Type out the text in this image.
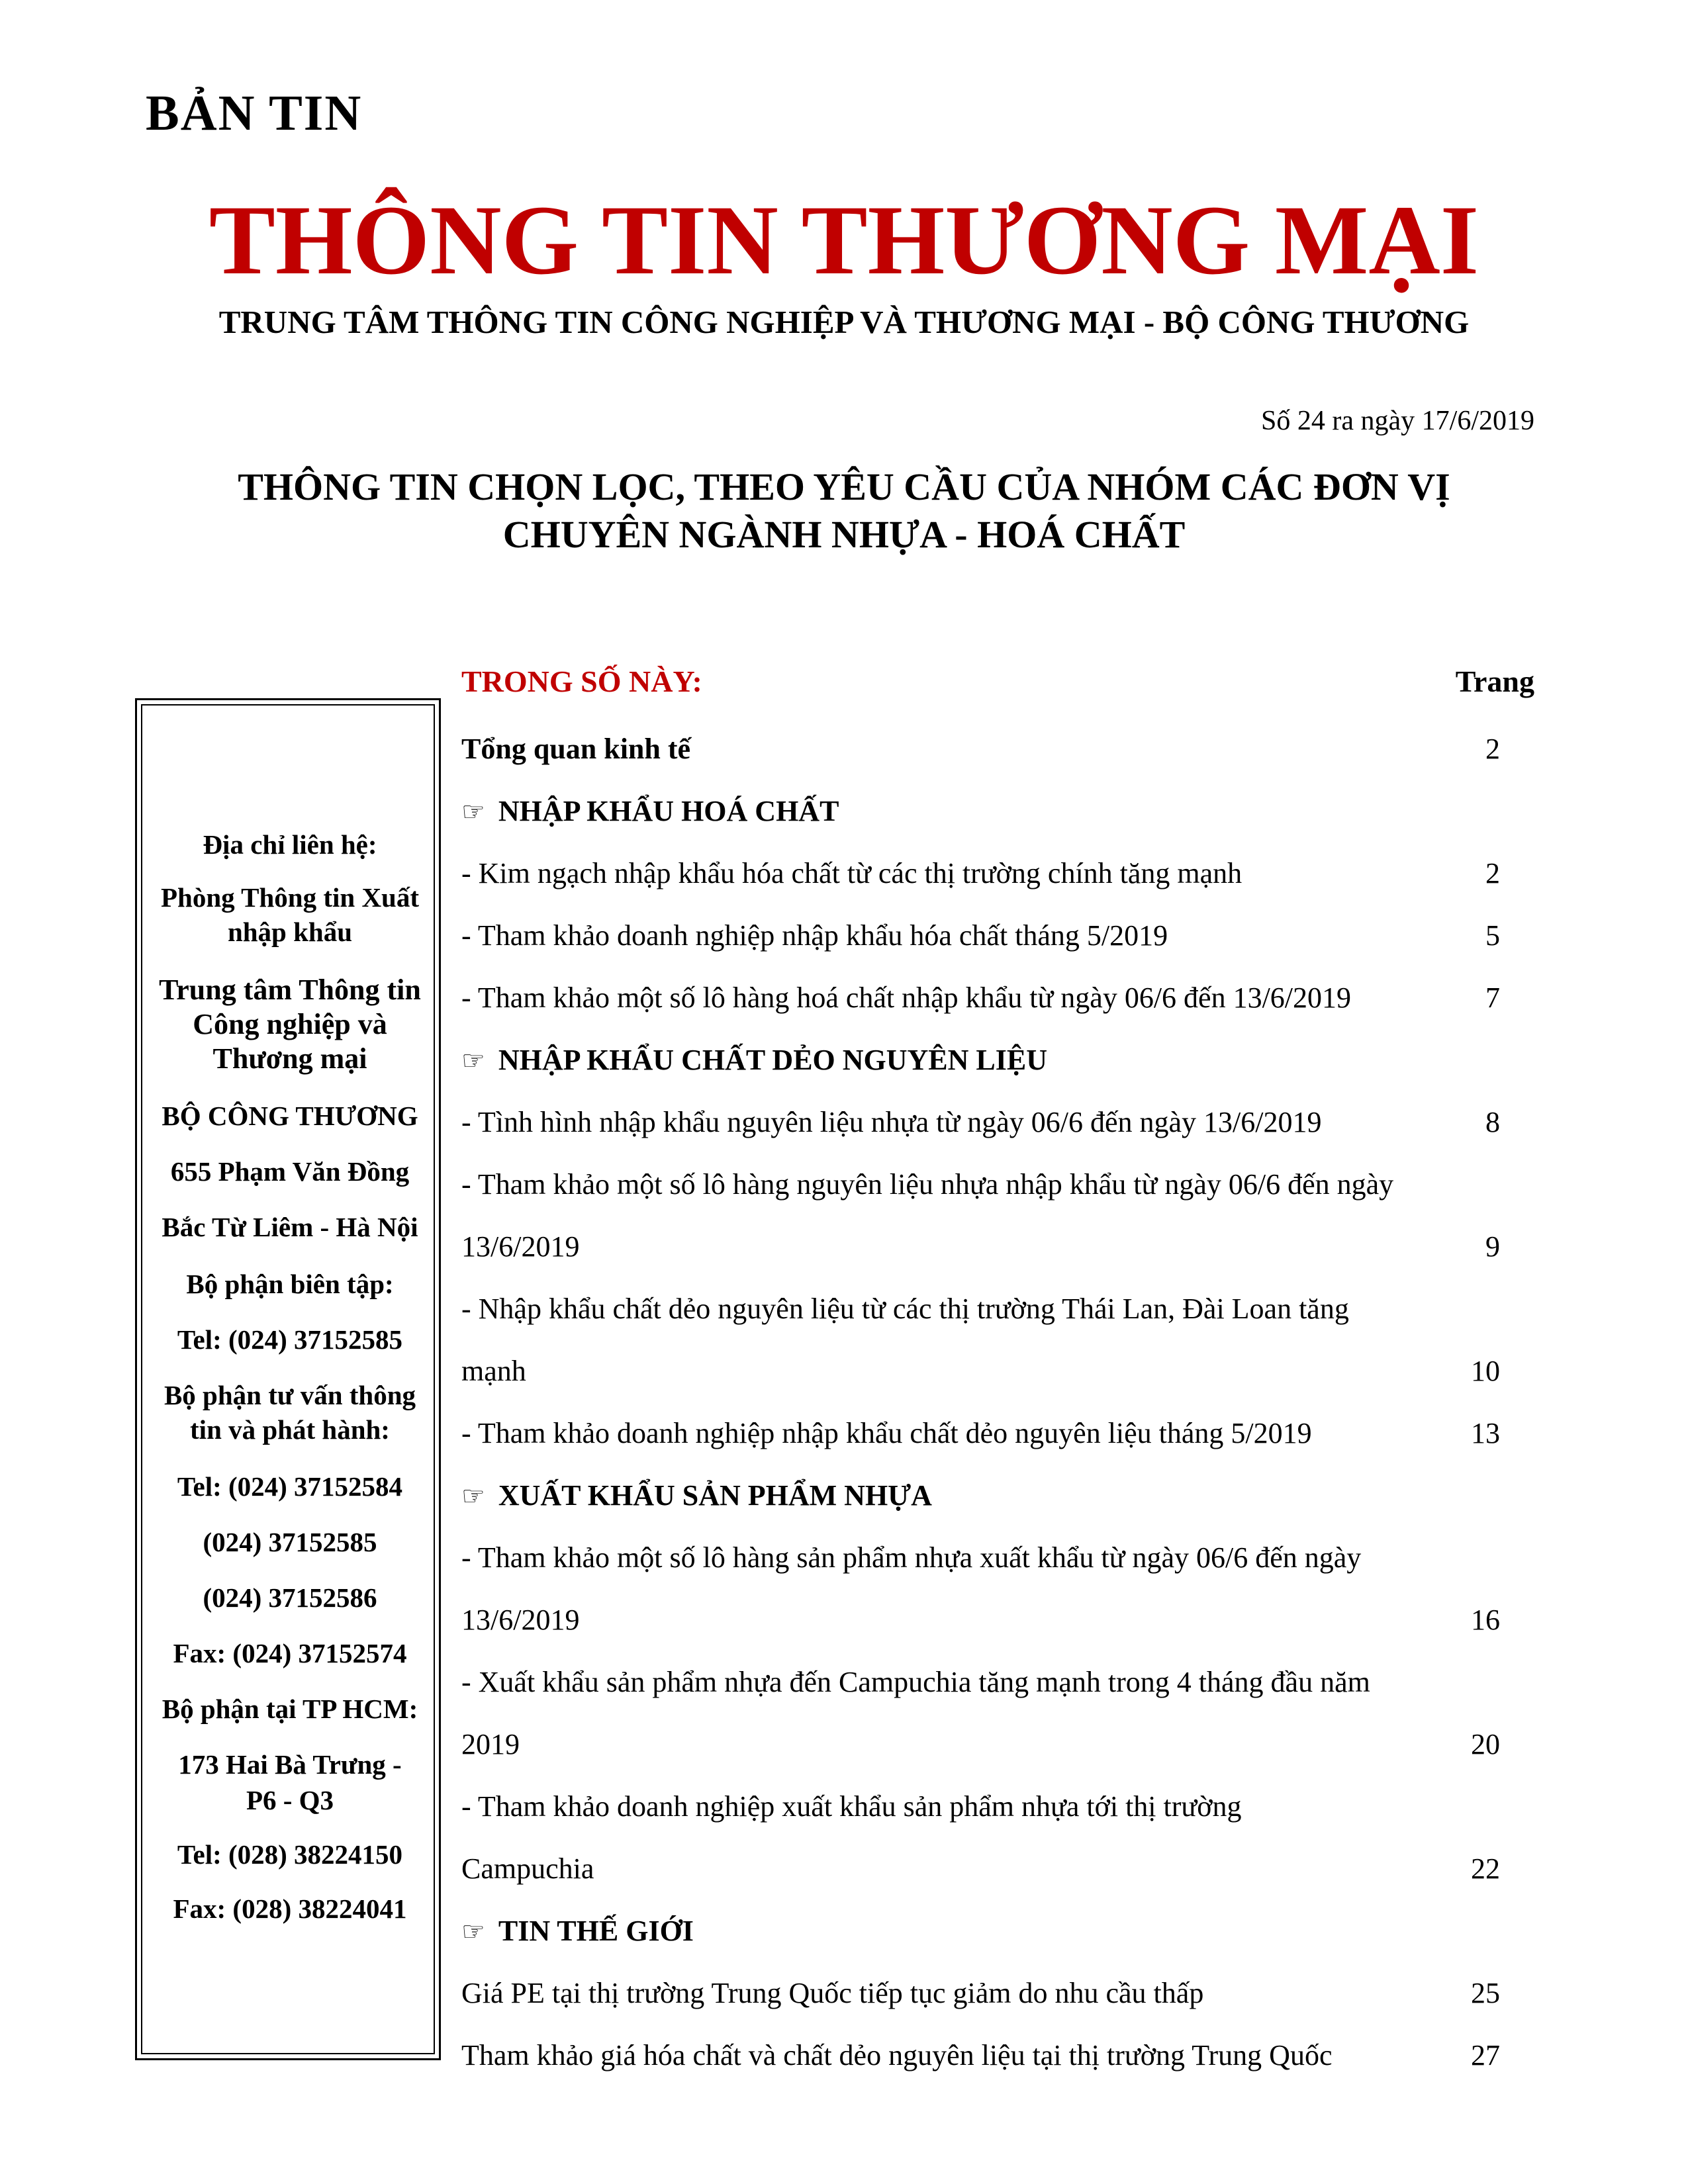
BẢN TIN
THÔNG TIN THƯƠNG MẠI
TRUNG TÂM THÔNG TIN CÔNG NGHIỆP VÀ THƯƠNG MẠI - BỘ CÔNG THƯƠNG
Số 24 ra ngày 17/6/2019
THÔNG TIN CHỌN LỌC, THEO YÊU CẦU CỦA NHÓM CÁC ĐƠN VỊ
CHUYÊN NGÀNH NHỰA - HOÁ CHẤT
Địa chỉ liên hệ:
Phòng Thông tin Xuất
nhập khẩu
Trung tâm Thông tin
Công nghiệp và
Thương mại
BỘ CÔNG THƯƠNG
655 Phạm Văn Đồng
Bắc Từ Liêm - Hà Nội
Bộ phận biên tập:
Tel: (024) 37152585
Bộ phận tư vấn thông
tin và phát hành:
Tel: (024) 37152584
(024) 37152585
(024) 37152586
Fax: (024) 37152574
Bộ phận tại TP HCM:
173 Hai Bà Trưng -
P6 - Q3
Tel: (028) 38224150
Fax: (028) 38224041
TRONG SỐ NÀY:	Trang
Tổng quan kinh tế	2
☞ NHẬP KHẨU HOÁ CHẤT
- Kim ngạch nhập khẩu hóa chất từ các thị trường chính tăng mạnh	2
- Tham khảo doanh nghiệp nhập khẩu hóa chất tháng 5/2019	5
- Tham khảo một số lô hàng hoá chất nhập khẩu từ ngày 06/6 đến 13/6/2019	7
☞ NHẬP KHẨU CHẤT DẺO NGUYÊN LIỆU
- Tình hình nhập khẩu nguyên liệu nhựa từ ngày 06/6 đến ngày 13/6/2019	8
- Tham khảo một số lô hàng nguyên liệu nhựa nhập khẩu từ ngày 06/6 đến ngày 13/6/2019	9
- Nhập khẩu chất dẻo nguyên liệu từ các thị trường Thái Lan, Đài Loan tăng mạnh	10
- Tham khảo doanh nghiệp nhập khẩu chất dẻo nguyên liệu tháng 5/2019	13
☞ XUẤT KHẨU SẢN PHẨM NHỰA
- Tham khảo một số lô hàng sản phẩm nhựa xuất khẩu từ ngày 06/6 đến ngày 13/6/2019	16
- Xuất khẩu sản phẩm nhựa đến Campuchia tăng mạnh trong 4 tháng đầu năm 2019	20
- Tham khảo doanh nghiệp xuất khẩu sản phẩm nhựa tới thị trường Campuchia	22
☞ TIN THẾ GIỚI
Giá PE tại thị trường Trung Quốc tiếp tục giảm do nhu cầu thấp	25
Tham khảo giá hóa chất và chất dẻo nguyên liệu tại thị trường Trung Quốc	27
